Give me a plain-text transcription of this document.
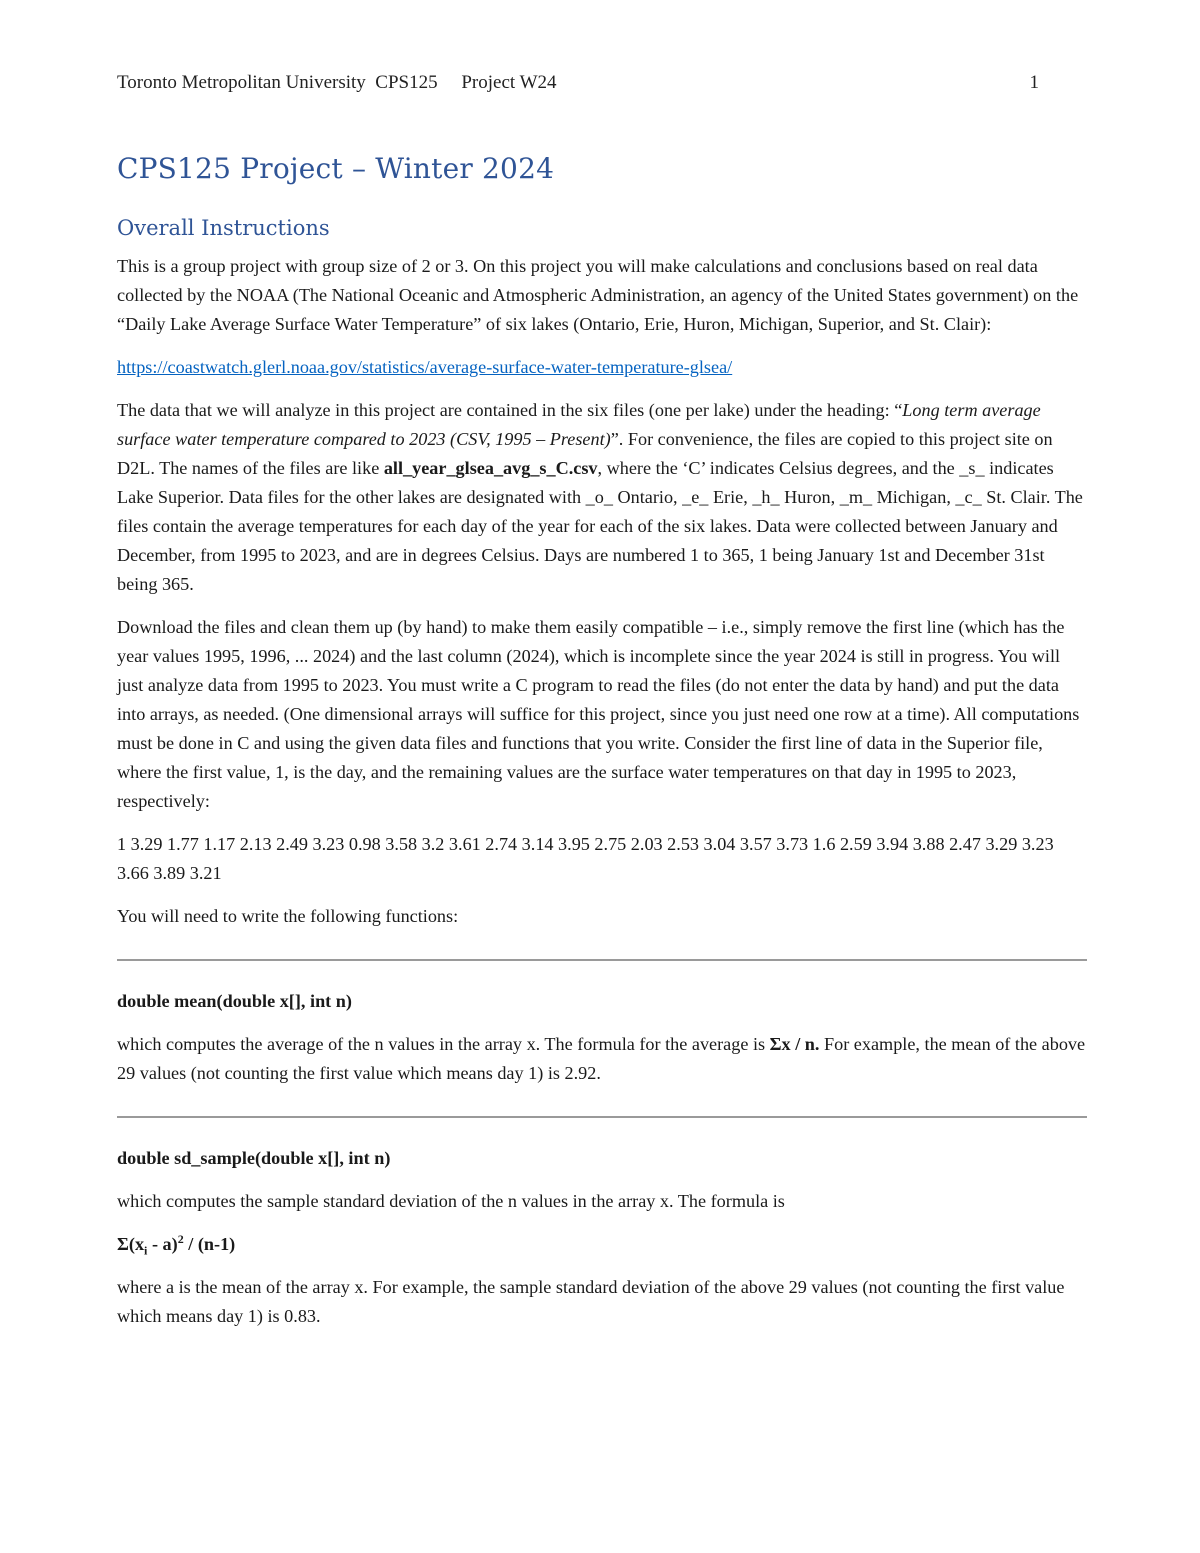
Toronto Metropolitan University  CPS125     Project W24	1
CPS125 Project – Winter 2024
Overall Instructions

This is a group project with group size of 2 or 3. On this project you will make calculations and conclusions based on real data collected by the NOAA (The National Oceanic and Atmospheric Administration, an agency of the United States government) on the “Daily Lake Average Surface Water Temperature” of six lakes (Ontario, Erie, Huron, Michigan, Superior, and St. Clair):

https://coastwatch.glerl.noaa.gov/statistics/average-surface-water-temperature-glsea/

The data that we will analyze in this project are contained in the six files (one per lake) under the heading: “Long term average surface water temperature compared to 2023 (CSV, 1995 – Present)”. For convenience, the files are copied to this project site on D2L. The names of the files are like all_year_glsea_avg_s_C.csv, where the ‘C’ indicates Celsius degrees, and the _s_ indicates Lake Superior. Data files for the other lakes are designated with _o_ Ontario, _e_ Erie, _h_ Huron, _m_ Michigan, _c_ St. Clair. The files contain the average temperatures for each day of the year for each of the six lakes. Data were collected between January and December, from 1995 to 2023, and are in degrees Celsius. Days are numbered 1 to 365, 1 being January 1st and December 31st being 365.

Download the files and clean them up (by hand) to make them easily compatible – i.e., simply remove the first line (which has the year values 1995, 1996, ... 2024) and the last column (2024), which is incomplete since the year 2024 is still in progress. You will just analyze data from 1995 to 2023. You must write a C program to read the files (do not enter the data by hand) and put the data into arrays, as needed. (One dimensional arrays will suffice for this project, since you just need one row at a time). All computations must be done in C and using the given data files and functions that you write. Consider the first line of data in the Superior file, where the first value, 1, is the day, and the remaining values are the surface water temperatures on that day in 1995 to 2023, respectively:

1 3.29 1.77 1.17 2.13 2.49 3.23 0.98 3.58 3.2 3.61 2.74 3.14 3.95 2.75 2.03 2.53 3.04 3.57 3.73 1.6 2.59 3.94 3.88 2.47 3.29 3.23 3.66 3.89 3.21

You will need to write the following functions:

double mean(double x[], int n)

which computes the average of the n values in the array x. The formula for the average is Σx / n. For example, the mean of the above 29 values (not counting the first value which means day 1) is 2.92.

double sd_sample(double x[], int n)

which computes the sample standard deviation of the n values in the array x. The formula is

$\Sigma(x_i - a)^2 / (n-1)$

where a is the mean of the array x. For example, the sample standard deviation of the above 29 values (not counting the first value which means day 1) is 0.83.
